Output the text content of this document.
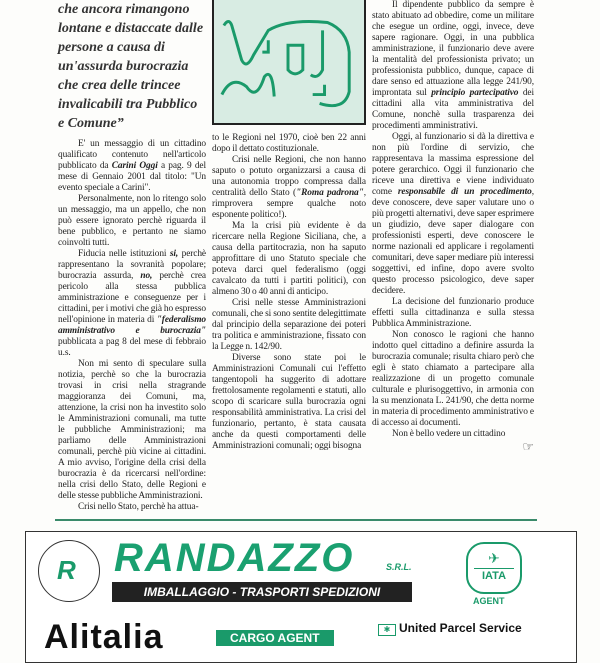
che ancora rimangono lontane e distaccate dalle persone a causa di un'assurda burocrazia che crea delle trincee invalicabili tra Pubblico e Comune”

E' un messaggio di un cittadino qualificato contenuto nell'articolo pubblicato da Carini Oggi a pag. 9 del mese di Gennaio 2001 dal titolo: "Un evento speciale a Carini".

Personalmente, non lo ritengo solo un messaggio, ma un appello, che non può essere ignorato perchè riguarda il bene pubblico, e pertanto ne siamo coinvolti tutti.

Fiducia nelle istituzioni si, perchè rappresentano la sovranità popolare; burocrazia assurda, no, perchè crea pericolo alla stessa pubblica amministrazione e conseguenze per i cittadini, per i motivi che già ho espresso nell'opinione in materia di "federalismo amministrativo e burocrazia" pubblicata a pag 8 del mese di febbraio u.s.

Non mi sento di speculare sulla notizia, perchè so che la burocrazia trovasi in crisi nella stragrande maggioranza dei Comuni, ma, attenzione, la crisi non ha investito solo le Amministrazioni comunali, ma tutte le pubbliche Amministrazioni; ma parliamo delle Amministrazioni comunali, perchè più vicine ai cittadini. A mio avviso, l'origine della crisi della burocrazia è da ricercarsi nell'ordine: nella crisi dello Stato, delle Regioni e delle stesse pubbliche Amministrazioni.

Crisi nello Stato, perchè ha attua-

to le Regioni nel 1970, cioè ben 22 anni dopo il dettato costituzionale.

Crisi nelle Regioni, che non hanno saputo o potuto organizzarsi a causa di una autonomia troppo compressa dalla centralità dello Stato ("Roma padrona", rimprovera sempre qualche noto esponente politico!).

Ma la crisi più evidente è da ricercare nella Regione Siciliana, che, a causa della partitocrazia, non ha saputo approfittare di uno Statuto speciale che poteva darci quel federalismo (oggi cavalcato da tutti i partiti politici), con almeno 30 o 40 anni di anticipo.

Crisi nelle stesse Amministrazioni comunali, che si sono sentite delegittimate dal principio della separazione dei poteri tra politica e amministrazione, fissato con la Legge n. 142/90.

Diverse sono state poi le Amministrazioni Comunali cui l'effetto tangentopoli ha suggerito di adottare frettolosamente regolamenti e statuti, allo scopo di scaricare sulla burocrazia ogni responsabilità amministrativa. La crisi del funzionario, pertanto, è stata causata anche da questi comportamenti delle Amministrazioni comunali; oggi bisogna

Il dipendente pubblico da sempre è stato abituato ad obbedire, come un militare che esegue un ordine, oggi, invece, deve sapere ragionare. Oggi, in una pubblica amministrazione, il funzionario deve avere la mentalità del professionista privato; un professionista pubblico, dunque, capace di dare senso ed attuazione alla legge 241/90, improntata sul principio partecipativo dei cittadini alla vita amministrativa del Comune, nonchè sulla trasparenza dei procedimenti amministrativi.

Oggi, al funzionario si dà la direttiva e non più l'ordine di servizio, che rappresentava la massima espressione del potere gerarchico. Oggi il funzionario che riceve una direttiva e viene individuato come responsabile di un procedimento, deve conoscere, deve saper valutare uno o più progetti alternativi, deve saper esprimere un giudizio, deve saper dialogare con professionisti esperti, deve conoscere le norme nazionali ed applicare i regolamenti comunitari, deve saper mediare più interessi soggettivi, ed infine, dopo avere svolto questo processo psicologico, deve saper decidere.

La decisione del funzionario produce effetti sulla cittadinanza e sulla stessa Pubblica Amministrazione.

Non conosco le ragioni che hanno indotto quel cittadino a definire assurda la burocrazia comunale; risulta chiaro però che egli è stato chiamato a partecipare alla realizzazione di un progetto comunale culturale e plurisoggettivo, in armonia con la su menzionata L. 241/90, che detta norme in materia di procedimento amministrativo e di accesso ai documenti.

Non è bello vedere un cittadino

☞
R RANDAZZO	S.R.L.
IMBALLAGGIO - TRASPORTI SPEDIZIONI
✈
IATA
AGENT
Alitalia	CARGO AGENT
✱ United Parcel Service
